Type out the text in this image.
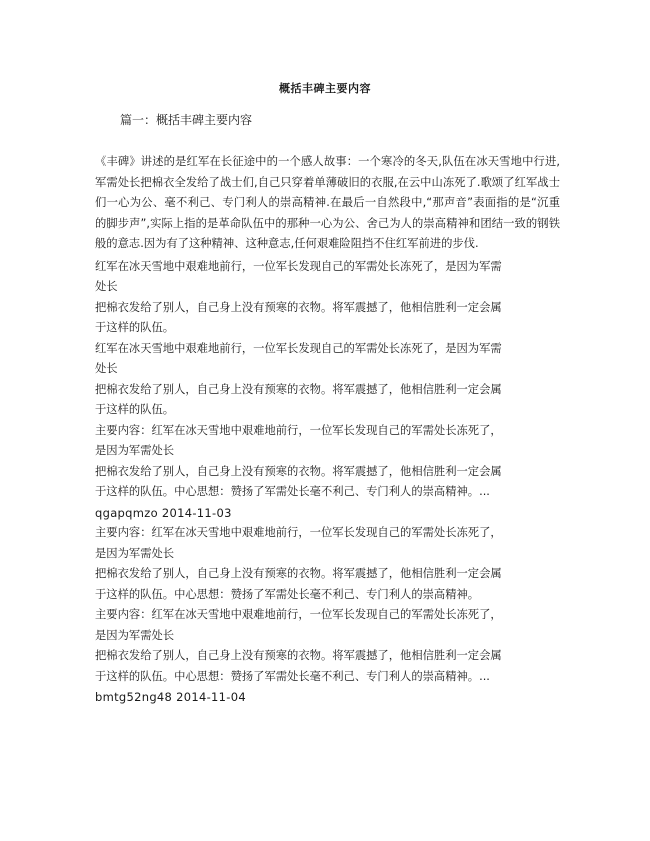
概括丰碑主要内容
篇一：概括丰碑主要内容

《丰碑》讲述的是红军在长征途中的一个感人故事：一个寒冷的冬天,队伍在冰天雪地中行进,军需处长把棉衣全发给了战士们,自己只穿着单薄破旧的衣服,在云中山冻死了.歌颂了红军战士们一心为公、毫不利己、专门利人的崇高精神.在最后一自然段中,“那声音”表面指的是“沉重的脚步声”,实际上指的是革命队伍中的那种一心为公、舍己为人的崇高精神和团结一致的钢铁般的意志.因为有了这种精神、这种意志,任何艰难险阻挡不住红军前进的步伐.

红军在冰天雪地中艰难地前行，一位军长发现自己的军需处长冻死了，是因为军需

处长

把棉衣发给了别人，自己身上没有预寒的衣物。将军震撼了，他相信胜利一定会属

于这样的队伍。

红军在冰天雪地中艰难地前行，一位军长发现自己的军需处长冻死了，是因为军需

处长

把棉衣发给了别人，自己身上没有预寒的衣物。将军震撼了，他相信胜利一定会属

于这样的队伍。

主要内容：红军在冰天雪地中艰难地前行，一位军长发现自己的军需处长冻死了，

是因为军需处长

把棉衣发给了别人，自己身上没有预寒的衣物。将军震撼了，他相信胜利一定会属

于这样的队伍。中心思想：赞扬了军需处长毫不利己、专门利人的崇高精神。...

qgapqmzo 2014-11-03

主要内容：红军在冰天雪地中艰难地前行，一位军长发现自己的军需处长冻死了，

是因为军需处长

把棉衣发给了别人，自己身上没有预寒的衣物。将军震撼了，他相信胜利一定会属

于这样的队伍。中心思想：赞扬了军需处长毫不利己、专门利人的崇高精神。

主要内容：红军在冰天雪地中艰难地前行，一位军长发现自己的军需处长冻死了，

是因为军需处长

把棉衣发给了别人，自己身上没有预寒的衣物。将军震撼了，他相信胜利一定会属

于这样的队伍。中心思想：赞扬了军需处长毫不利己、专门利人的崇高精神。...

bmtg52ng48 2014-11-04
